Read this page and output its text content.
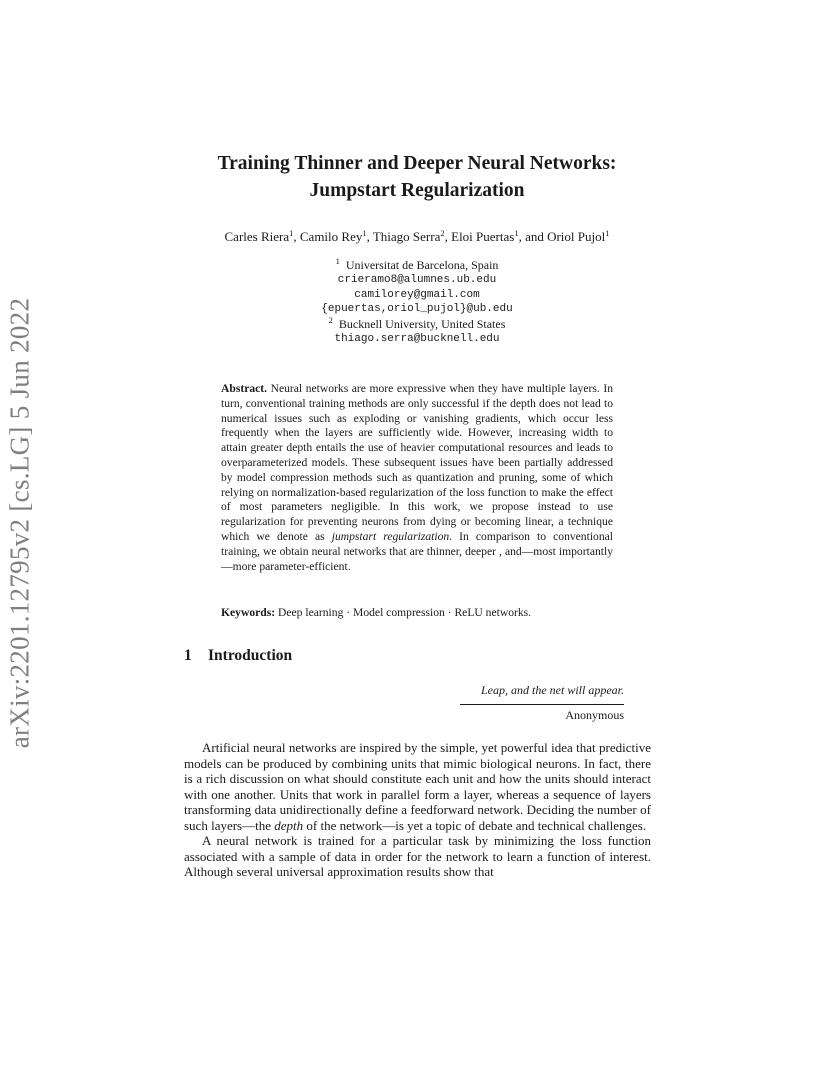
arXiv:2201.12795v2 [cs.LG] 5 Jun 2022
Training Thinner and Deeper Neural Networks:
Jumpstart Regularization
Carles Riera$^1$, Camilo Rey$^1$, Thiago Serra$^2$, Eloi Puertas$^1$, and Oriol Pujol$^1$
$^1$ Universitat de Barcelona, Spain
crieramo8@alumnes.ub.edu
camilorey@gmail.com
{epuertas,oriol_pujol}@ub.edu
$^2$ Bucknell University, United States
thiago.serra@bucknell.edu
Abstract. Neural networks are more expressive when they have multiple layers. In turn, conventional training methods are only successful if the depth does not lead to numerical issues such as exploding or vanishing gradients, which occur less frequently when the layers are sufficiently wide. However, increasing width to attain greater depth entails the use of heavier computational resources and leads to overparameterized models. These subsequent issues have been partially addressed by model compression methods such as quantization and pruning, some of which relying on normalization-based regularization of the loss function to make the effect of most parameters negligible. In this work, we propose instead to use regularization for preventing neurons from dying or becoming linear, a technique which we denote as jumpstart regularization. In comparison to conventional training, we obtain neural networks that are thinner, deeper , and—most importantly—more parameter-efficient.
Keywords: Deep learning · Model compression · ReLU networks.
1 Introduction
Leap, and the net will appear.
Anonymous

Artificial neural networks are inspired by the simple, yet powerful idea that predictive models can be produced by combining units that mimic biological neurons. In fact, there is a rich discussion on what should constitute each unit and how the units should interact with one another. Units that work in parallel form a layer, whereas a sequence of layers transforming data unidirectionally define a feedforward network. Deciding the number of such layers—the depth of the network—is yet a topic of debate and technical challenges.

A neural network is trained for a particular task by minimizing the loss function associated with a sample of data in order for the network to learn a function of interest. Although several universal approximation results show that
